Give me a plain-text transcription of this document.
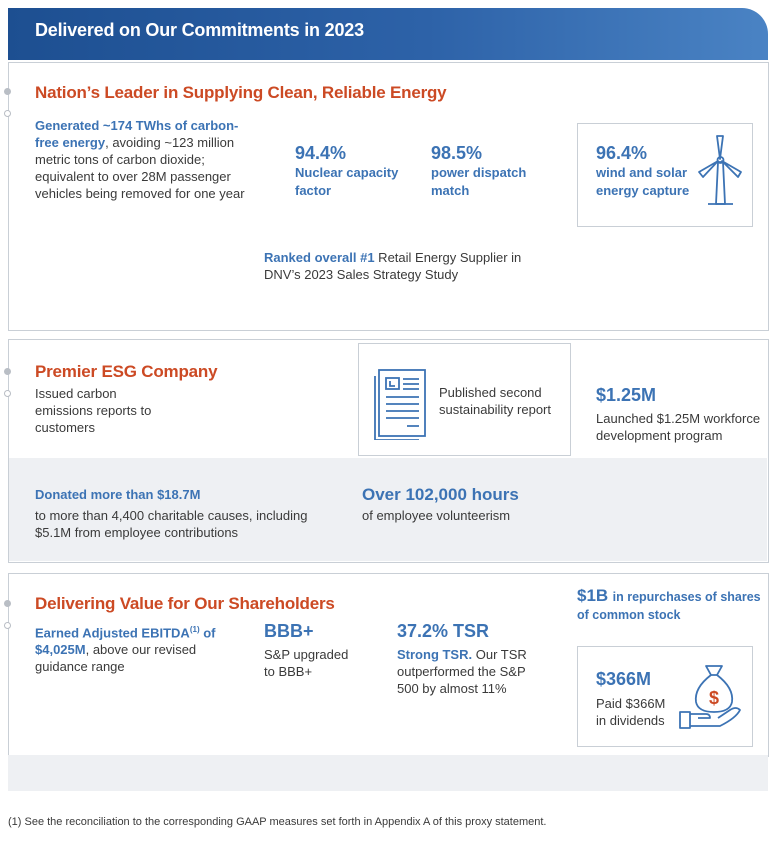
Delivered on Our Commitments in 2023
Nation’s Leader in Supplying Clean, Reliable Energy
Generated ~174 TWhs of carbon-free energy, avoiding ~123 million metric tons of carbon dioxide; equivalent to over 28M passenger vehicles being removed for one year
94.4%
Nuclear capacity factor
98.5%
power dispatch match
96.4%
wind and solar energy capture
Ranked overall #1 Retail Energy Supplier in DNV’s 2023 Sales Strategy Study
Premier ESG Company
Issued carbon emissions reports to customers
Published second sustainability report
$1.25M
Launched $1.25M workforce development program
Donated more than $18.7M
to more than 4,400 charitable causes, including $5.1M from employee contributions
Over 102,000 hours
of employee volunteerism
Delivering Value for Our Shareholders	$1B in repurchases of shares of common stock
Earned Adjusted EBITDA$^{(1)}$ of $4,025M, above our revised guidance range
BBB+
S&P upgraded to BBB+
37.2% TSR
Strong TSR. Our TSR outperformed the S&P 500 by almost 11%	$366M
Paid $366M in dividends
$
(1) See the reconciliation to the corresponding GAAP measures set forth in Appendix A of this proxy statement.
